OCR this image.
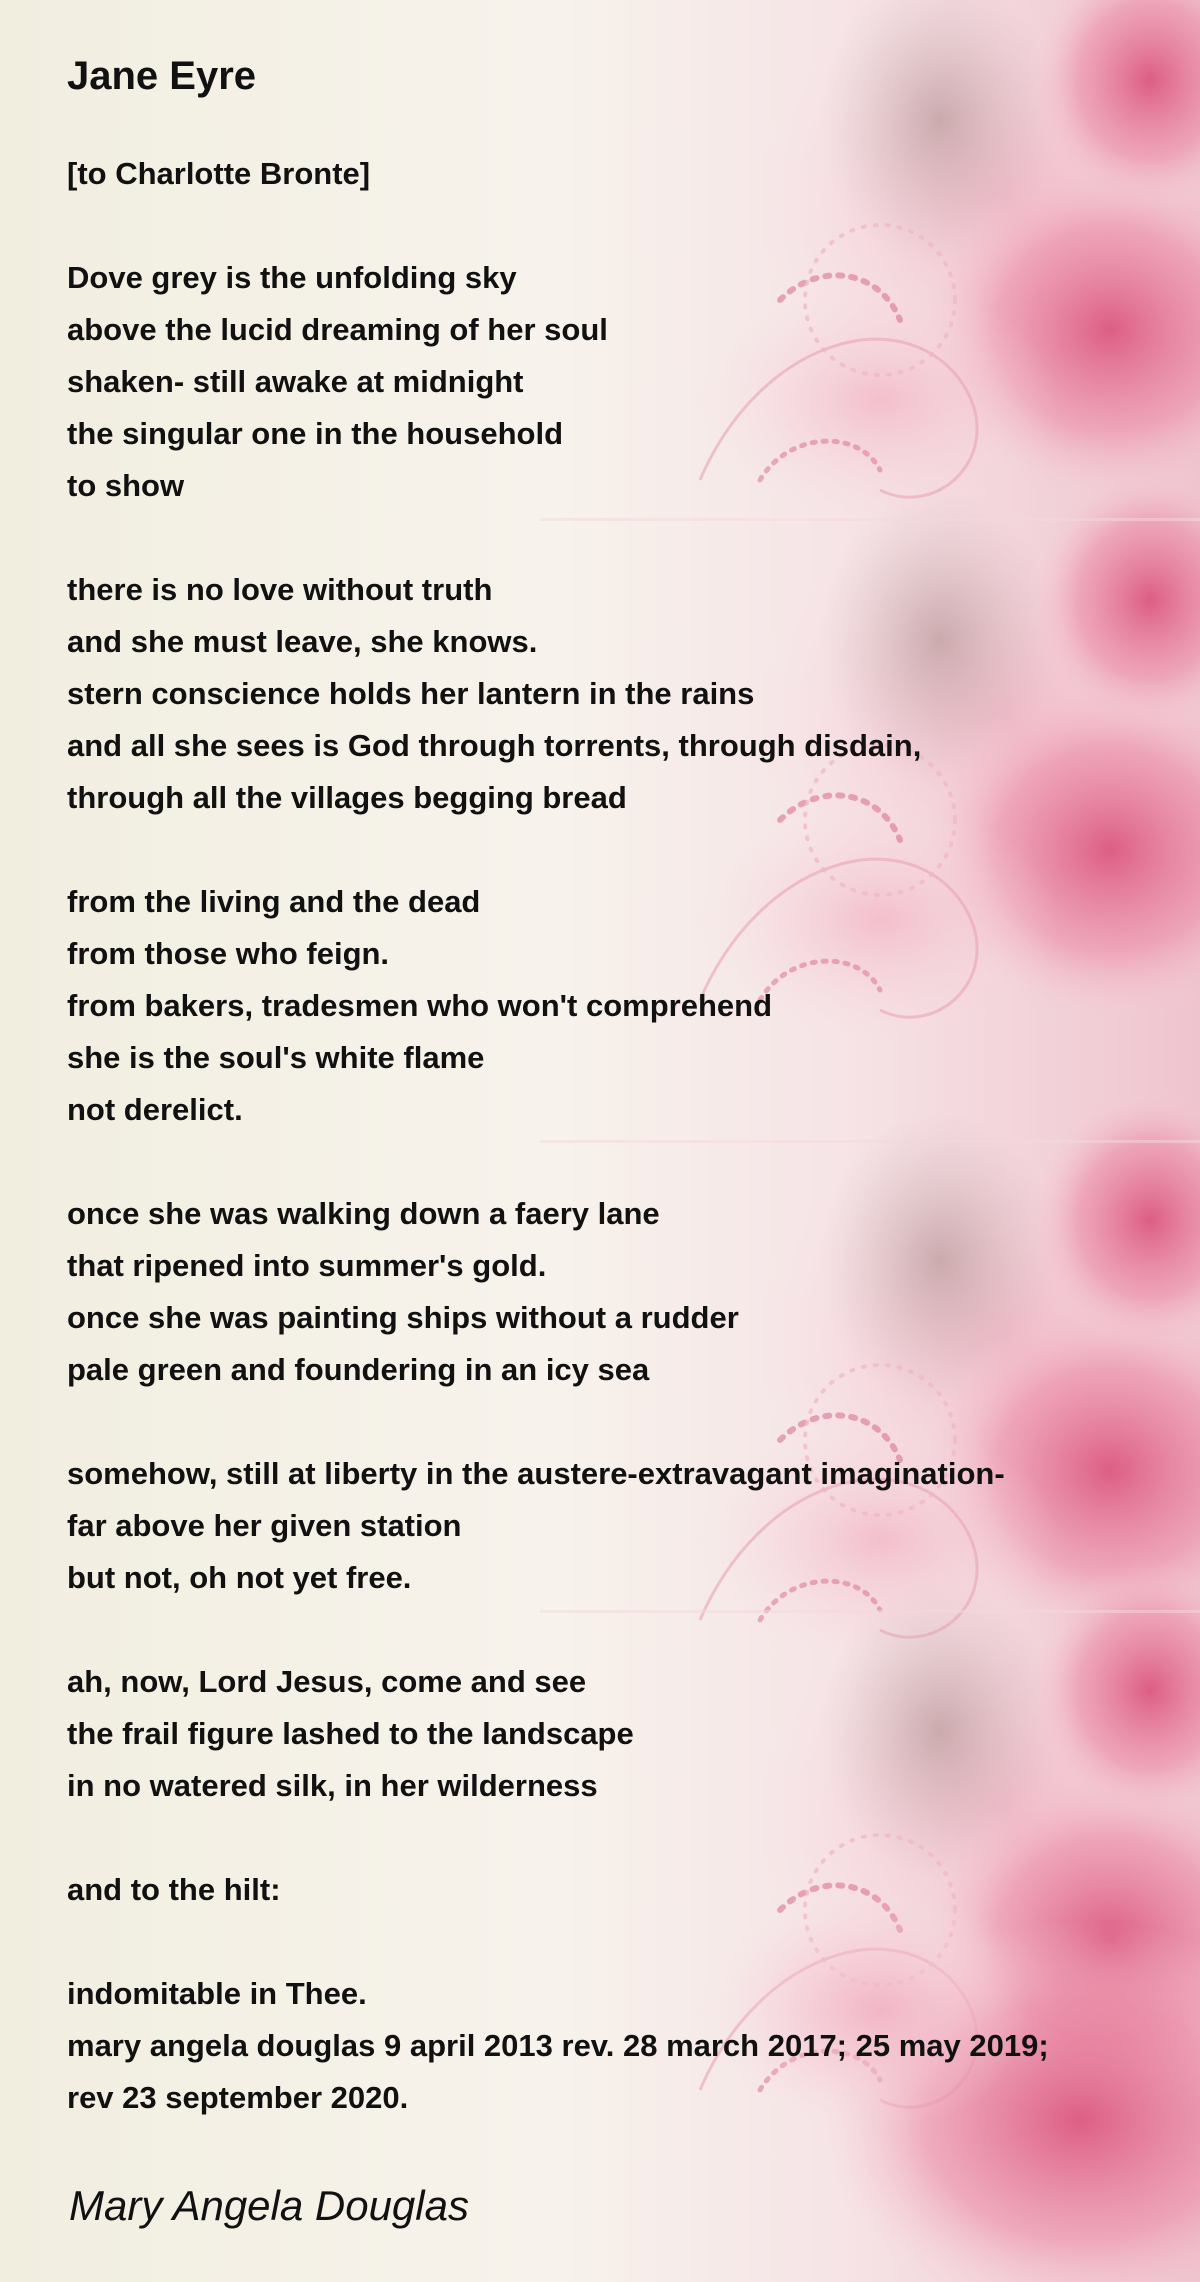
Jane Eyre
[to Charlotte Bronte]
Dove grey is the unfolding sky
above the lucid dreaming of her soul
shaken- still awake at midnight
the singular one in the household
to show
there is no love without truth
and she must leave, she knows.
stern conscience holds her lantern in the rains
and all she sees is God through torrents, through disdain,
through all the villages begging bread
from the living and the dead
from those who feign.
from bakers, tradesmen who won't comprehend
she is the soul's white flame
not derelict.
once she was walking down a faery lane
that ripened into summer's gold.
once she was painting ships without a rudder
pale green and foundering in an icy sea
somehow, still at liberty in the austere-extravagant imagination-
far above her given station
but not, oh not yet free.
ah, now, Lord Jesus, come and see
the frail figure lashed to the landscape
in no watered silk, in her wilderness
and to the hilt:
indomitable in Thee.
mary angela douglas 9 april 2013 rev. 28 march 2017; 25 may 2019;
rev 23 september 2020.

Mary Angela Douglas
